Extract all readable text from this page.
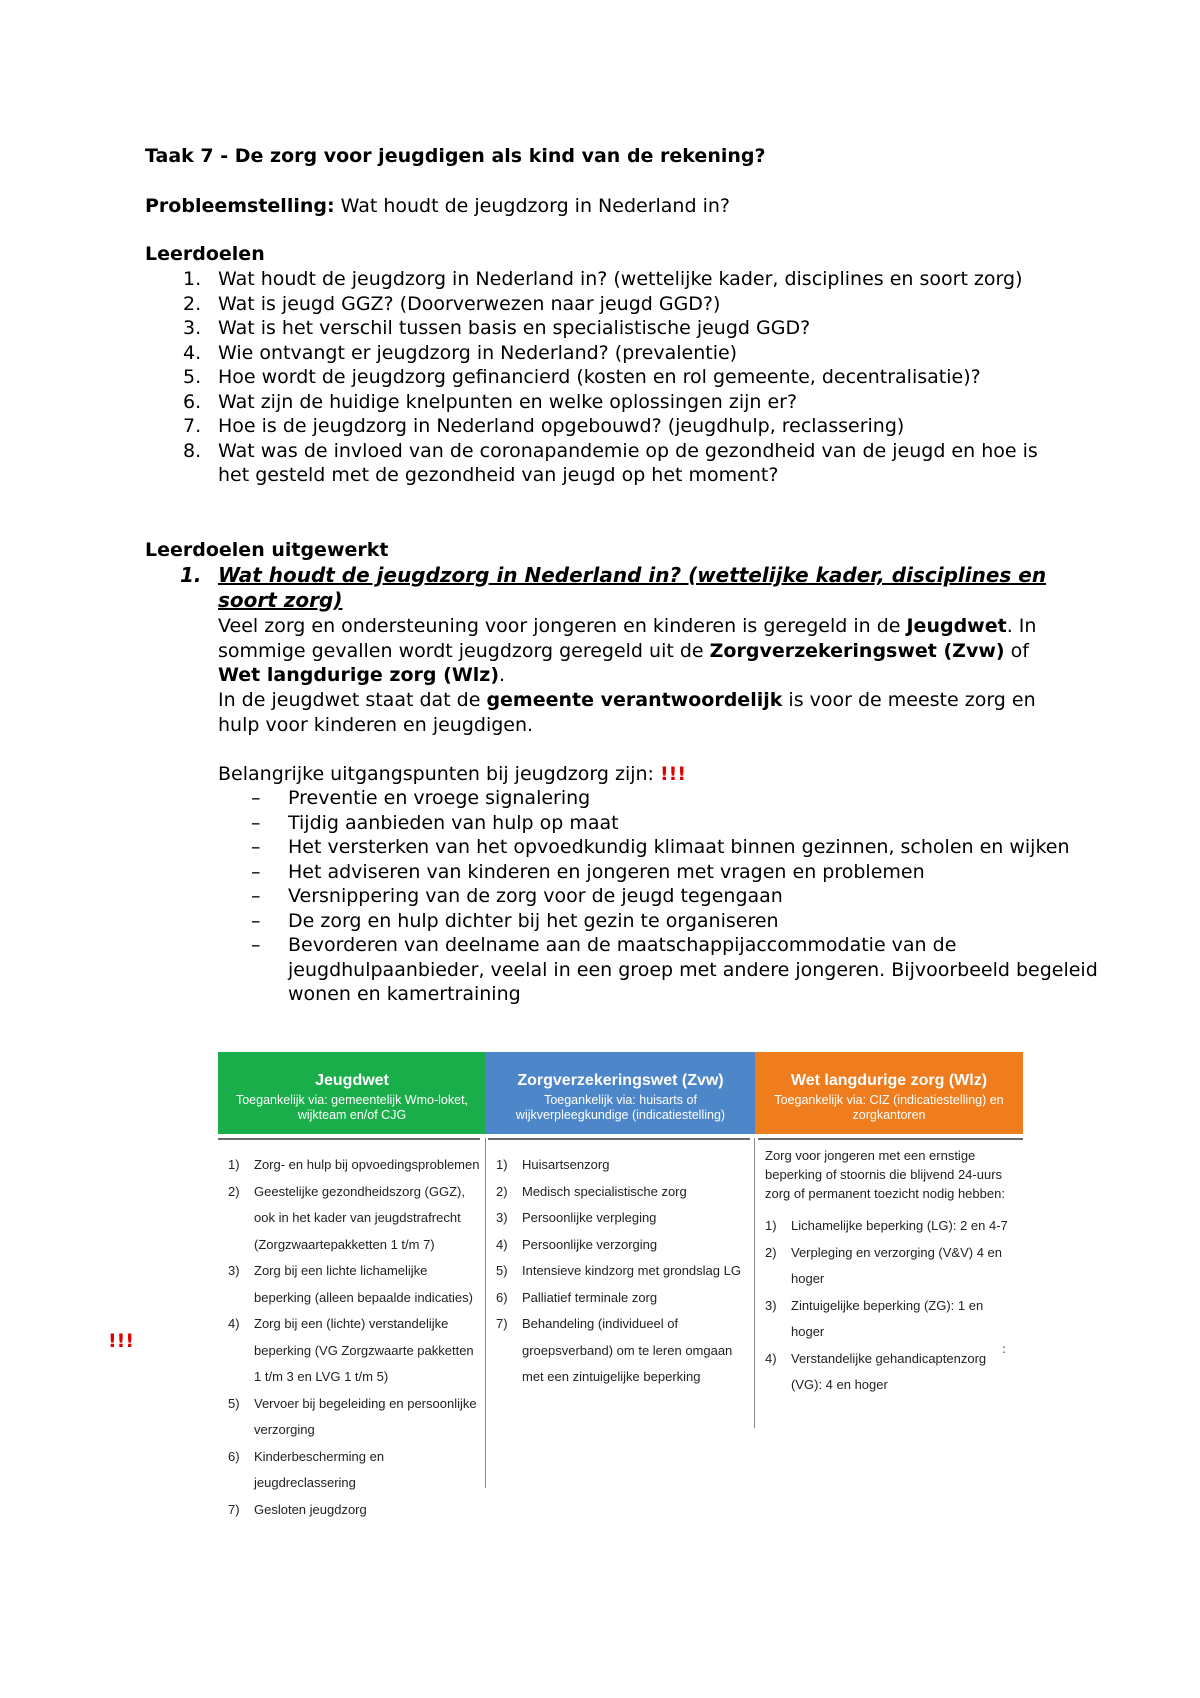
Taak 7 - De zorg voor jeugdigen als kind van de rekening?
Probleemstelling: Wat houdt de jeugdzorg in Nederland in?
Leerdoelen
1. Wat houdt de jeugdzorg in Nederland in? (wettelijke kader, disciplines en soort zorg)
2. Wat is jeugd GGZ? (Doorverwezen naar jeugd GGD?)
3. Wat is het verschil tussen basis en specialistische jeugd GGD?
4. Wie ontvangt er jeugdzorg in Nederland? (prevalentie)
5. Hoe wordt de jeugdzorg gefinancierd (kosten en rol gemeente, decentralisatie)?
6. Wat zijn de huidige knelpunten en welke oplossingen zijn er?
7. Hoe is de jeugdzorg in Nederland opgebouwd? (jeugdhulp, reclassering)
8. Wat was de invloed van de coronapandemie op de gezondheid van de jeugd en hoe is het gesteld met de gezondheid van jeugd op het moment?
Leerdoelen uitgewerkt
1. Wat houdt de jeugdzorg in Nederland in? (wettelijke kader, disciplines en soort zorg)
Veel zorg en ondersteuning voor jongeren en kinderen is geregeld in de Jeugdwet. In sommige gevallen wordt jeugdzorg geregeld uit de Zorgverzekeringswet (Zvw) of Wet langdurige zorg (Wlz).
In de jeugdwet staat dat de gemeente verantwoordelijk is voor de meeste zorg en hulp voor kinderen en jeugdigen.
Belangrijke uitgangspunten bij jeugdzorg zijn: !!!
– Preventie en vroege signalering
– Tijdig aanbieden van hulp op maat
– Het versterken van het opvoedkundig klimaat binnen gezinnen, scholen en wijken
– Het adviseren van kinderen en jongeren met vragen en problemen
– Versnippering van de zorg voor de jeugd tegengaan
– De zorg en hulp dichter bij het gezin te organiseren
– Bevorderen van deelname aan de maatschappijaccommodatie van de jeugdhulpaanbieder, veelal in een groep met andere jongeren. Bijvoorbeeld begeleid wonen en kamertraining
!!!
Jeugdwet
Toegankelijk via: gemeentelijk Wmo-loket, wijkteam en/of CJG
Zorgverzekeringswet (Zvw)
Toegankelijk via: huisarts of wijkverpleegkundige (indicatiestelling)
Wet langdurige zorg (Wlz)
Toegankelijk via: CIZ (indicatiestelling) en zorgkantoren
1) Zorg- en hulp bij opvoedingsproblemen
2) Geestelijke gezondheidszorg (GGZ), ook in het kader van jeugdstrafrecht (Zorgzwaartepakketten 1 t/m 7)
3) Zorg bij een lichte lichamelijke beperking (alleen bepaalde indicaties)
4) Zorg bij een (lichte) verstandelijke beperking (VG Zorgzwaarte pakketten 1 t/m 3 en LVG 1 t/m 5)
5) Vervoer bij begeleiding en persoonlijke verzorging
6) Kinderbescherming en jeugdreclassering
7) Gesloten jeugdzorg
1) Huisartsenzorg
2) Medisch specialistische zorg
3) Persoonlijke verpleging
4) Persoonlijke verzorging
5) Intensieve kindzorg met grondslag LG
6) Palliatief terminale zorg
7) Behandeling (individueel of groepsverband) om te leren omgaan met een zintuigelijke beperking
Zorg voor jongeren met een ernstige beperking of stoornis die blijvend 24-uurs zorg of permanent toezicht nodig hebben:
1) Lichamelijke beperking (LG): 2 en 4-7
2) Verpleging en verzorging (V&V) 4 en hoger
3) Zintuigelijke beperking (ZG): 1 en hoger
4) Verstandelijke gehandicaptenzorg (VG): 4 en hoger
:
